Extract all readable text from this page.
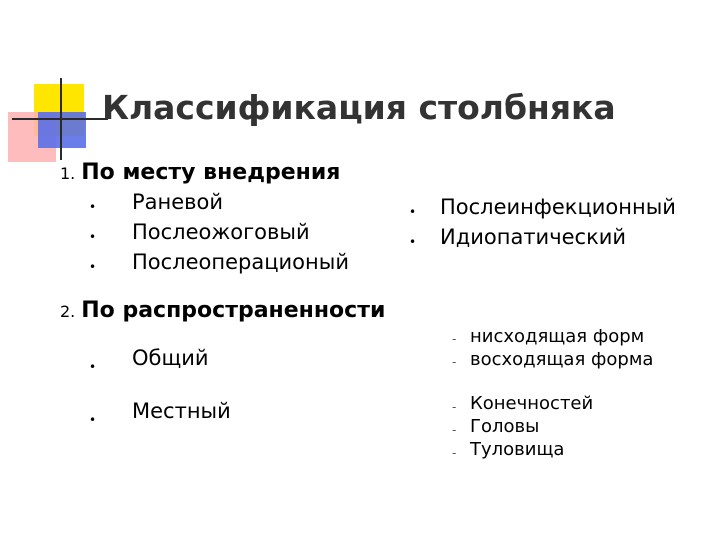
Классификация столбняка
1. По месту внедрения
• Раневой
• Послеожоговый
• Послеоперационый
• Послеинфекционный
• Идиопатический
2. По распространенности
• Общий
• Местный
- нисходящая форм
- восходящая форма
- Конечностей
- Головы
- Туловища
